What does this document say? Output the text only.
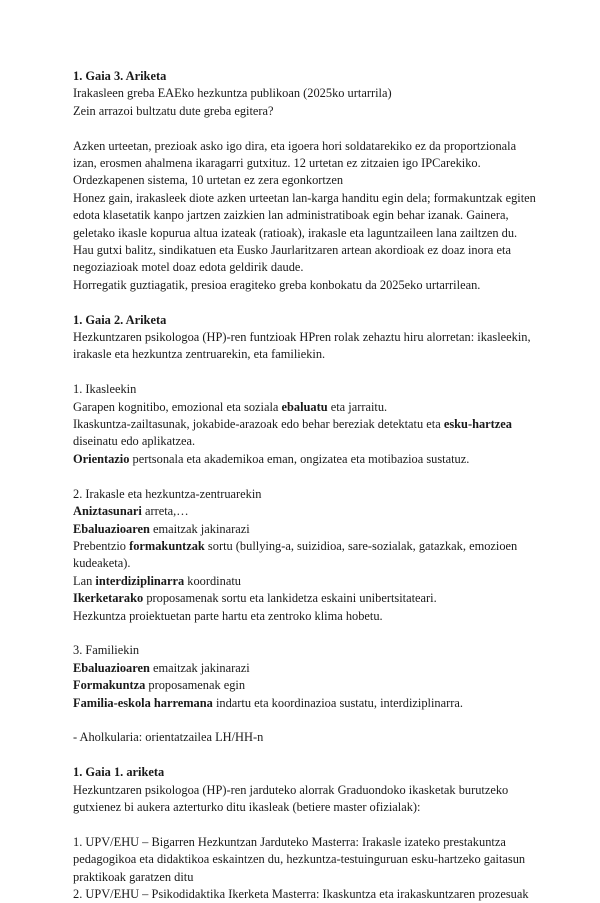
1. Gaia 3. Ariketa

Irakasleen greba EAEko hezkuntza publikoan (2025ko urtarrila)

Zein arrazoi bultzatu dute greba egitera?

Azken urteetan, prezioak asko igo dira, eta igoera hori soldatarekiko ez da proportzionala izan, erosmen ahalmena ikaragarri gutxituz. 12 urtetan ez zitzaien igo IPCarekiko. Ordezkapenen sistema, 10 urtetan ez zera egonkortzen

Honez gain, irakasleek diote azken urteetan lan-karga handitu egin dela; formakuntzak egiten edota klasetatik kanpo jartzen zaizkien lan administratiboak egin behar izanak. Gainera, geletako ikasle kopurua altua izateak (ratioak), irakasle eta laguntzaileen lana zailtzen du. Hau gutxi balitz, sindikatuen eta Eusko Jaurlaritzaren artean akordioak ez doaz inora eta negoziazioak motel doaz edota geldirik daude.

Horregatik guztiagatik, presioa eragiteko greba konbokatu da 2025eko urtarrilean.

1. Gaia 2. Ariketa

Hezkuntzaren psikologoa (HP)-ren funtzioak HPren rolak zehaztu hiru alorretan: ikasleekin, irakasle eta hezkuntza zentruarekin, eta familiekin.

1. Ikasleekin

Garapen kognitibo, emozional eta soziala ebaluatu eta jarraitu.

Ikaskuntza-zailtasunak, jokabide-arazoak edo behar bereziak detektatu eta esku-hartzea diseinatu edo aplikatzea.

Orientazio pertsonala eta akademikoa eman, ongizatea eta motibazioa sustatuz.

2. Irakasle eta hezkuntza-zentruarekin

Aniztasunari arreta,…

Ebaluazioaren emaitzak jakinarazi

Prebentzio formakuntzak sortu (bullying-a, suizidioa, sare-sozialak, gatazkak, emozioen kudeaketa).

Lan interdiziplinarra koordinatu

Ikerketarako proposamenak sortu eta lankidetza eskaini unibertsitateari.

Hezkuntza proiektuetan parte hartu eta zentroko klima hobetu.

3. Familiekin

Ebaluazioaren emaitzak jakinarazi

Formakuntza proposamenak egin

Familia-eskola harremana indartu eta koordinazioa sustatu, interdiziplinarra.

- Aholkularia: orientatzailea LH/HH-n

1. Gaia 1. ariketa

Hezkuntzaren psikologoa (HP)-ren jarduteko alorrak Graduondoko ikasketak burutzeko gutxienez bi aukera azterturko ditu ikasleak (betiere master ofizialak):

1. UPV/EHU – Bigarren Hezkuntzan Jarduteko Masterra: Irakasle izateko prestakuntza pedagogikoa eta didaktikoa eskaintzen du, hezkuntza-testuinguruan esku-hartzeko gaitasun praktikoak garatzen ditu

2. UPV/EHU – Psikodidaktika Ikerketa Masterra: Ikaskuntza eta irakaskuntzaren prozesuak
